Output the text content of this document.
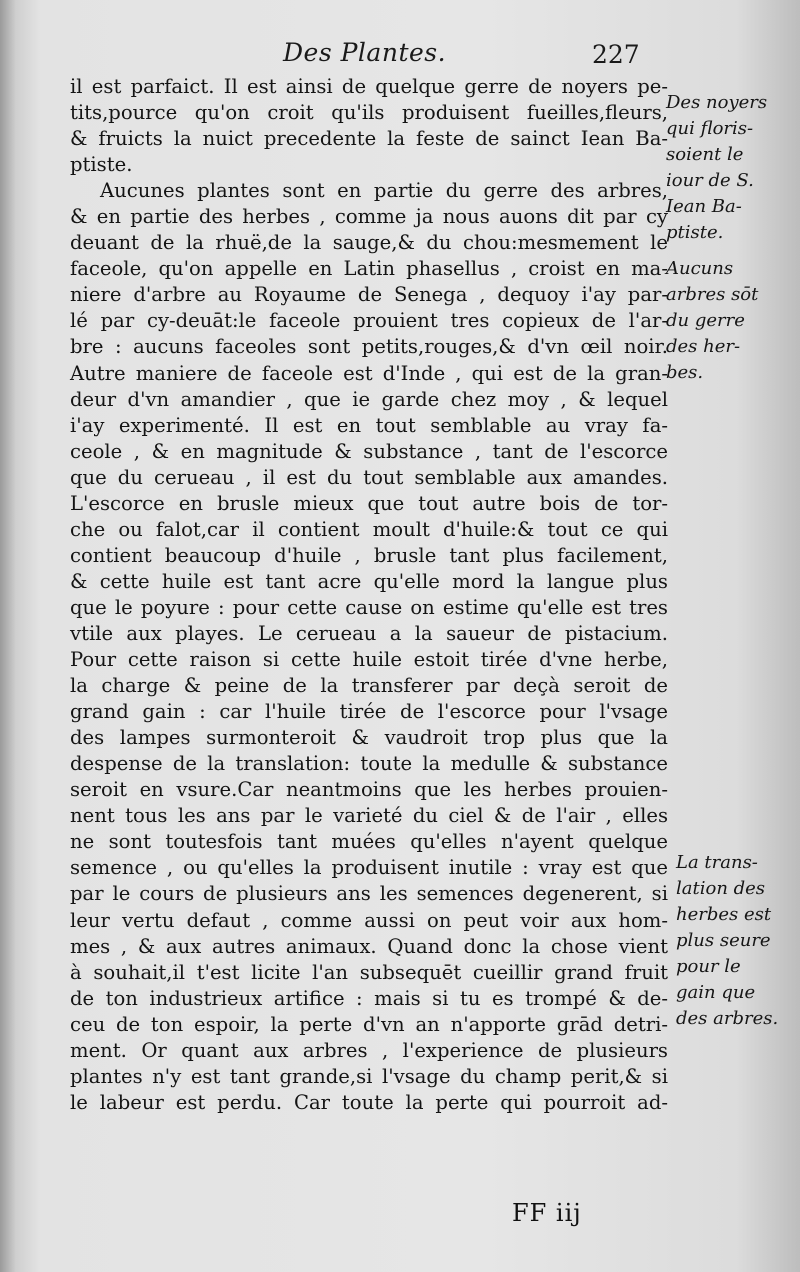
Des Plantes.	227
il est parfaict. Il est ainsi de quelque gerre de noyers pe-
tits,pource qu'on croit qu'ils produisent fueilles,fleurs,
& fruicts la nuict precedente la feste de sainct Iean Ba-
ptiste.
Aucunes plantes sont en partie du gerre des arbres,
& en partie des herbes , comme ja nous auons dit par cy
deuant de la rhuë,de la sauge,& du chou:mesmement le
faceole, qu'on appelle en Latin phasellus , croist en ma-
niere d'arbre au Royaume de Senega , dequoy i'ay par-
lé par cy-deuāt:le faceole prouient tres copieux de l'ar-
bre : aucuns faceoles sont petits,rouges,& d'vn œil noir.
Autre maniere de faceole est d'Inde , qui est de la gran-
deur d'vn amandier , que ie garde chez moy , & lequel
i'ay experimenté. Il est en tout semblable au vray fa-
ceole , & en magnitude & substance , tant de l'escorce
que du cerueau , il est du tout semblable aux amandes.
L'escorce en brusle mieux que tout autre bois de tor-
che ou falot,car il contient moult d'huile:& tout ce qui
contient beaucoup d'huile , brusle tant plus facilement,
& cette huile est tant acre qu'elle mord la langue plus
que le poyure : pour cette cause on estime qu'elle est tres
vtile aux playes. Le cerueau a la saueur de pistacium.
Pour cette raison si cette huile estoit tirée d'vne herbe,
la charge & peine de la transferer par deçà seroit de
grand gain : car l'huile tirée de l'escorce pour l'vsage
des lampes surmonteroit & vaudroit trop plus que la
despense de la translation: toute la medulle & substance
seroit en vsure.Car neantmoins que les herbes prouien-
nent tous les ans par le varieté du ciel & de l'air , elles
ne sont toutesfois tant muées qu'elles n'ayent quelque
semence , ou qu'elles la produisent inutile : vray est que
par le cours de plusieurs ans les semences degenerent, si
leur vertu defaut , comme aussi on peut voir aux hom-
mes , & aux autres animaux. Quand donc la chose vient
à souhait,il t'est licite l'an subsequēt cueillir grand fruit
de ton industrieux artifice : mais si tu es trompé & de-
ceu de ton espoir, la perte d'vn an n'apporte grād detri-
ment. Or quant aux arbres , l'experience de plusieurs
plantes n'y est tant grande,si l'vsage du champ perit,& si
le labeur est perdu. Car toute la perte qui pourroit ad-
Des noyers
qui floris-
soient le
iour de S.
Iean Ba-
ptiste.
Aucuns
arbres sōt
du gerre
des her-
bes.
La trans-
lation des
herbes est
plus seure
pour le
gain que
des arbres.
FF iij
